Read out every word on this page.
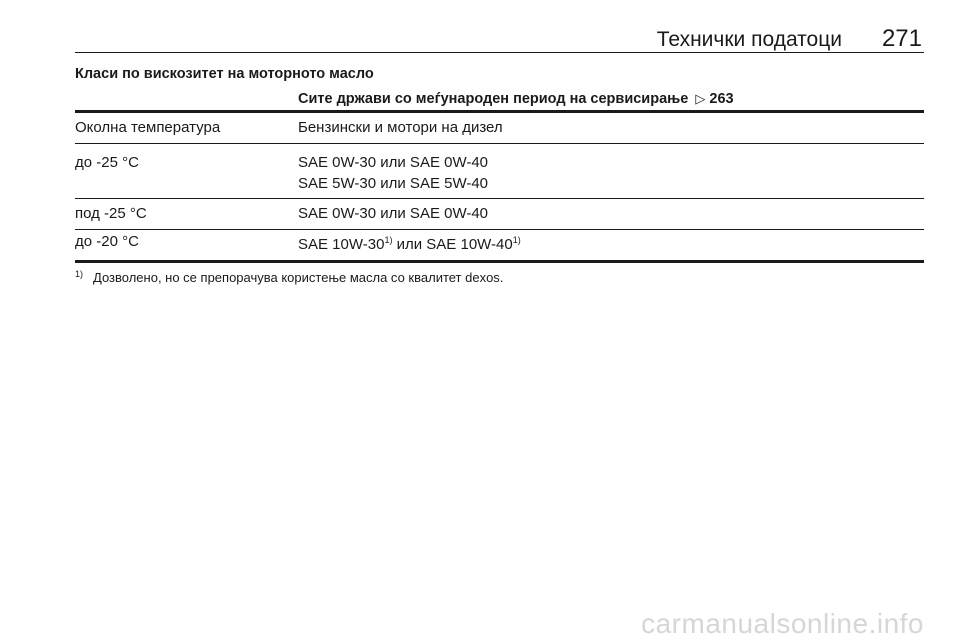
Технички податоци 271
Класи по вискозитет на моторното масло
Сите држави со меѓународен период на сервисирање ▷ 263
Околна температура	Бензински и мотори на дизел
до -25 °C	SAE 0W-30 или SAE 0W-40
SAE 5W-30 или SAE 5W-40
под -25 °C	SAE 0W-30 или SAE 0W-40
до -20 °C	SAE 10W-30$^{1)}$ или SAE 10W-40$^{1)}$
$^{1)}$ Дозволено, но се препорачува користење масла со квалитет dexos.
carmanualsonline.info
